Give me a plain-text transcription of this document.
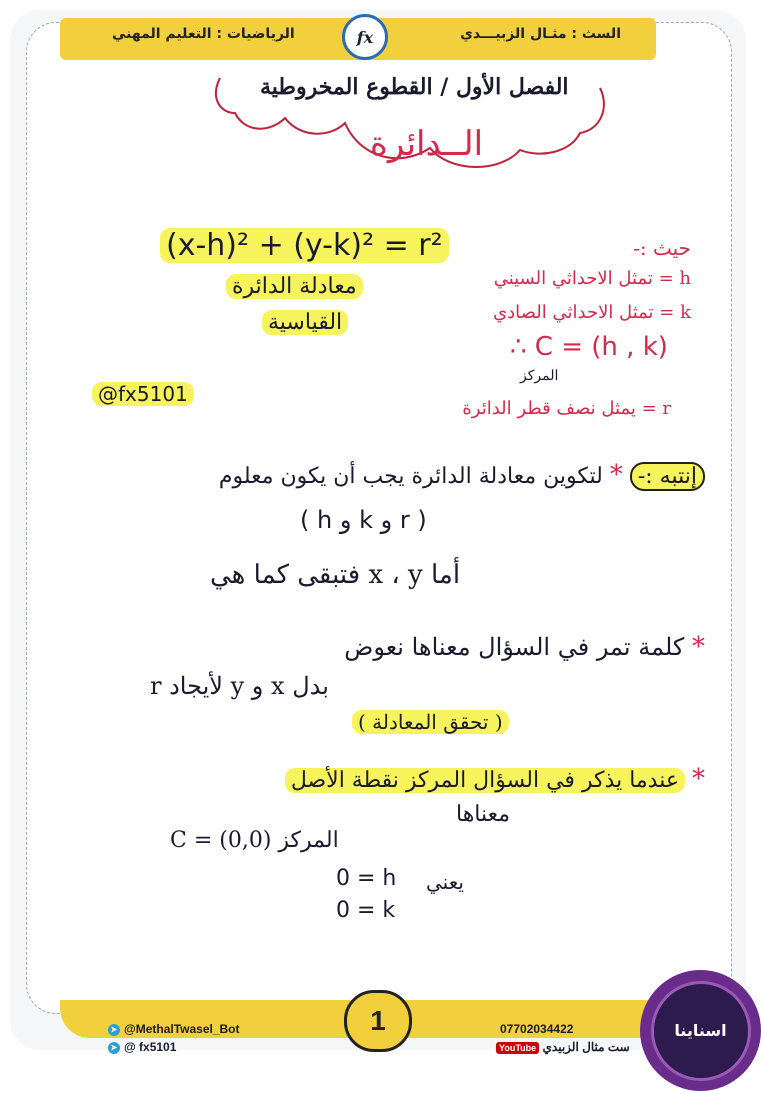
السث : مثـال الزبيـــدي
الرياضيات : التعليم المهني	fx
الفصل الأول / القطوع المخروطية
الــدائرة
(x-h)² + (y-k)² = r²
معادلة الدائرة
القياسية
حيث :-
h = تمثل الاحداثي السيني
k = تمثل الاحداثي الصادي
∴ C = (h , k)
المركز
r = يمثل نصف قطر الدائرة
@fx5101
إنتبه :- * لتكوين معادلة الدائرة يجب أن يكون معلوم
( h و k و r )
أما x ، y فتبقى كما هي
* كلمة تمر في السؤال معناها نعوض
بدل x و y لأيجاد r
( تحقق المعادلة )
* عندما يذكر في السؤال المركز نقطة الأصل
معناها
المركز C = (0,0)
يعني
0 = h
0 = k
1
➤ @MethalTwasel_Bot
➤ @ fx5101
07702034422
ست مثال الزبيدي YouTube
اسناينا
